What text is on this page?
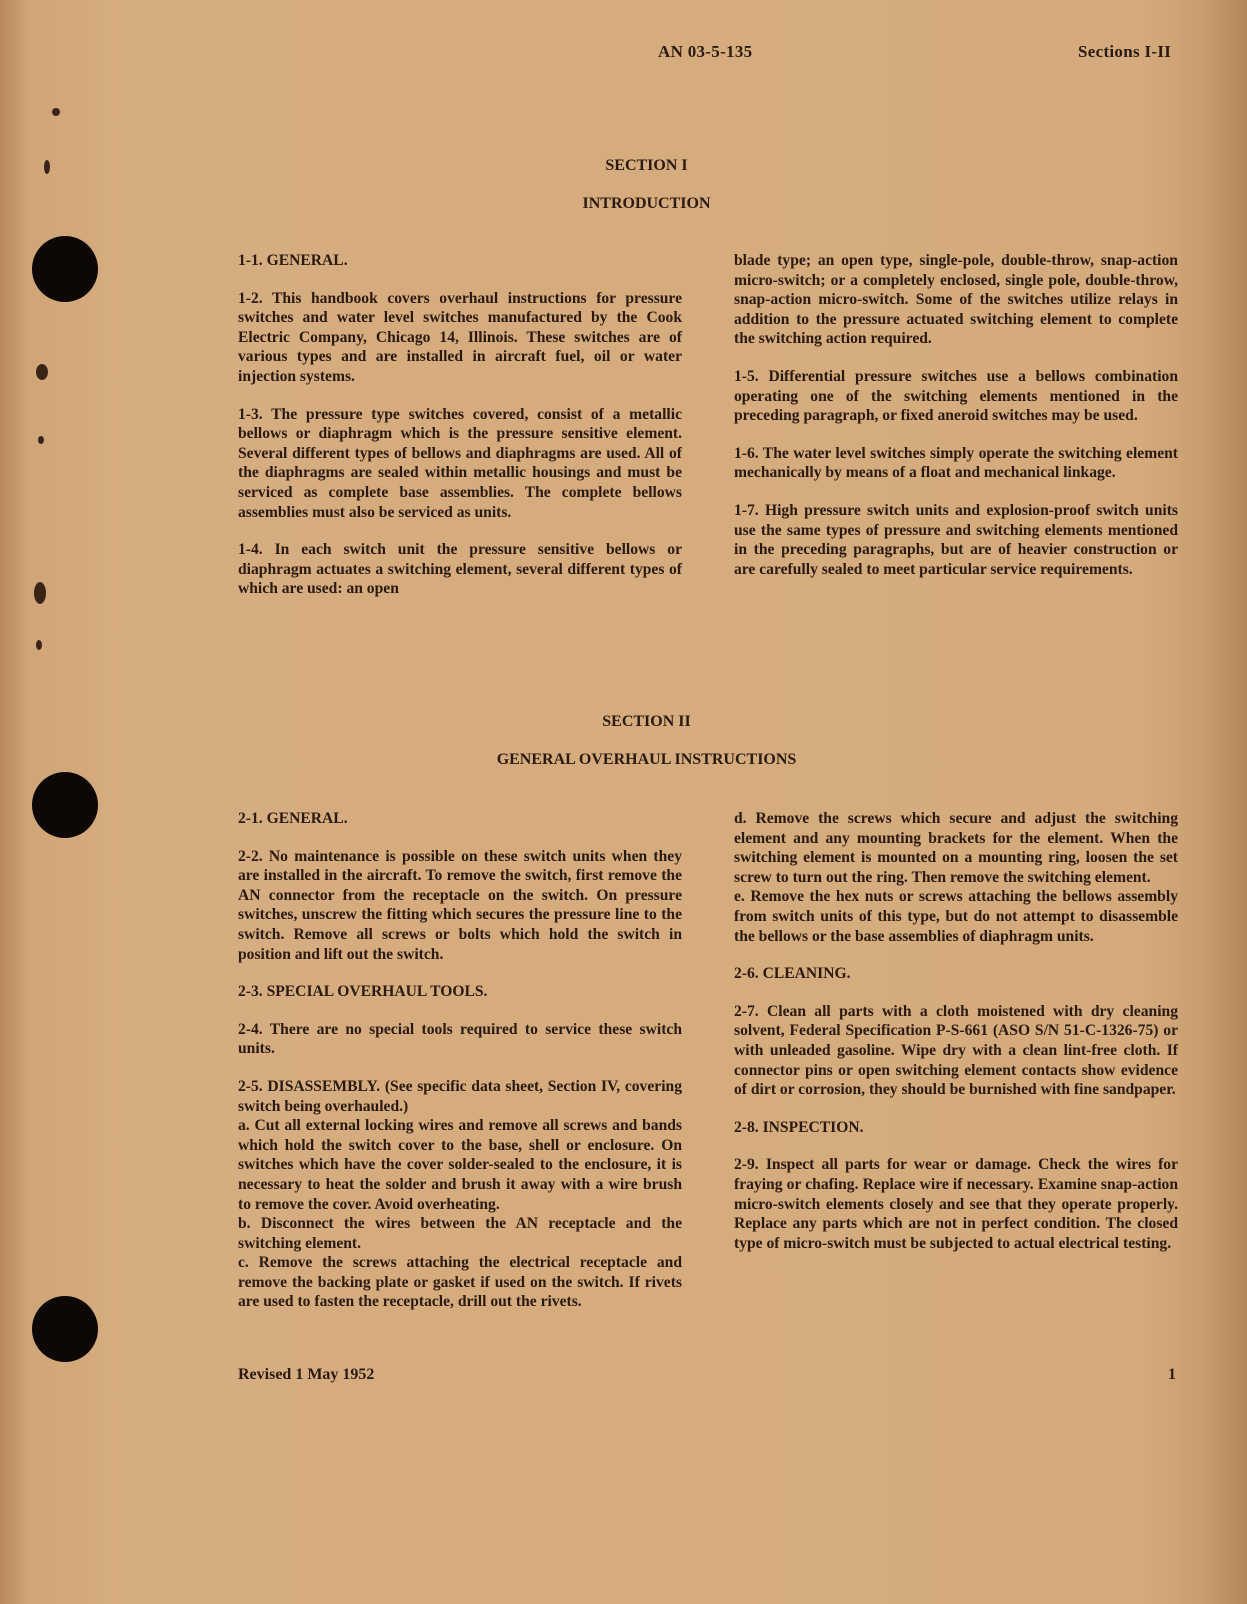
AN 03-5-135	Sections I-II
SECTION I
INTRODUCTION

1-1. GENERAL.

1-2. This handbook covers overhaul instructions for pressure switches and water level switches manufactured by the Cook Electric Company, Chicago 14, Illinois. These switches are of various types and are installed in aircraft fuel, oil or water injection systems.

1-3. The pressure type switches covered, consist of a metallic bellows or diaphragm which is the pressure sensitive element. Several different types of bellows and diaphragms are used. All of the diaphragms are sealed within metallic housings and must be serviced as complete base assemblies. The complete bellows assemblies must also be serviced as units.

1-4. In each switch unit the pressure sensitive bellows or diaphragm actuates a switching element, several different types of which are used: an open

blade type; an open type, single-pole, double-throw, snap-action micro-switch; or a completely enclosed, single pole, double-throw, snap-action micro-switch. Some of the switches utilize relays in addition to the pressure actuated switching element to complete the switching action required.

1-5. Differential pressure switches use a bellows combination operating one of the switching elements mentioned in the preceding paragraph, or fixed aneroid switches may be used.

1-6. The water level switches simply operate the switching element mechanically by means of a float and mechanical linkage.

1-7. High pressure switch units and explosion-proof switch units use the same types of pressure and switching elements mentioned in the preceding paragraphs, but are of heavier construction or are carefully sealed to meet particular service requirements.

SECTION II
GENERAL OVERHAUL INSTRUCTIONS

2-1. GENERAL.

2-2. No maintenance is possible on these switch units when they are installed in the aircraft. To remove the switch, first remove the AN connector from the receptacle on the switch. On pressure switches, unscrew the fitting which secures the pressure line to the switch. Remove all screws or bolts which hold the switch in position and lift out the switch.

2-3. SPECIAL OVERHAUL TOOLS.

2-4. There are no special tools required to service these switch units.

2-5. DISASSEMBLY. (See specific data sheet, Section IV, covering switch being overhauled.)

a. Cut all external locking wires and remove all screws and bands which hold the switch cover to the base, shell or enclosure. On switches which have the cover solder-sealed to the enclosure, it is necessary to heat the solder and brush it away with a wire brush to remove the cover. Avoid overheating.

b. Disconnect the wires between the AN receptacle and the switching element.

c. Remove the screws attaching the electrical receptacle and remove the backing plate or gasket if used on the switch. If rivets are used to fasten the receptacle, drill out the rivets.

d. Remove the screws which secure and adjust the switching element and any mounting brackets for the element. When the switching element is mounted on a mounting ring, loosen the set screw to turn out the ring. Then remove the switching element.

e. Remove the hex nuts or screws attaching the bellows assembly from switch units of this type, but do not attempt to disassemble the bellows or the base assemblies of diaphragm units.

2-6. CLEANING.

2-7. Clean all parts with a cloth moistened with dry cleaning solvent, Federal Specification P-S-661 (ASO S/N 51-C-1326-75) or with unleaded gasoline. Wipe dry with a clean lint-free cloth. If connector pins or open switching element contacts show evidence of dirt or corrosion, they should be burnished with fine sandpaper.

2-8. INSPECTION.

2-9. Inspect all parts for wear or damage. Check the wires for fraying or chafing. Replace wire if necessary. Examine snap-action micro-switch elements closely and see that they operate properly. Replace any parts which are not in perfect condition. The closed type of micro-switch must be subjected to actual electrical testing.

Revised 1 May 1952	1
